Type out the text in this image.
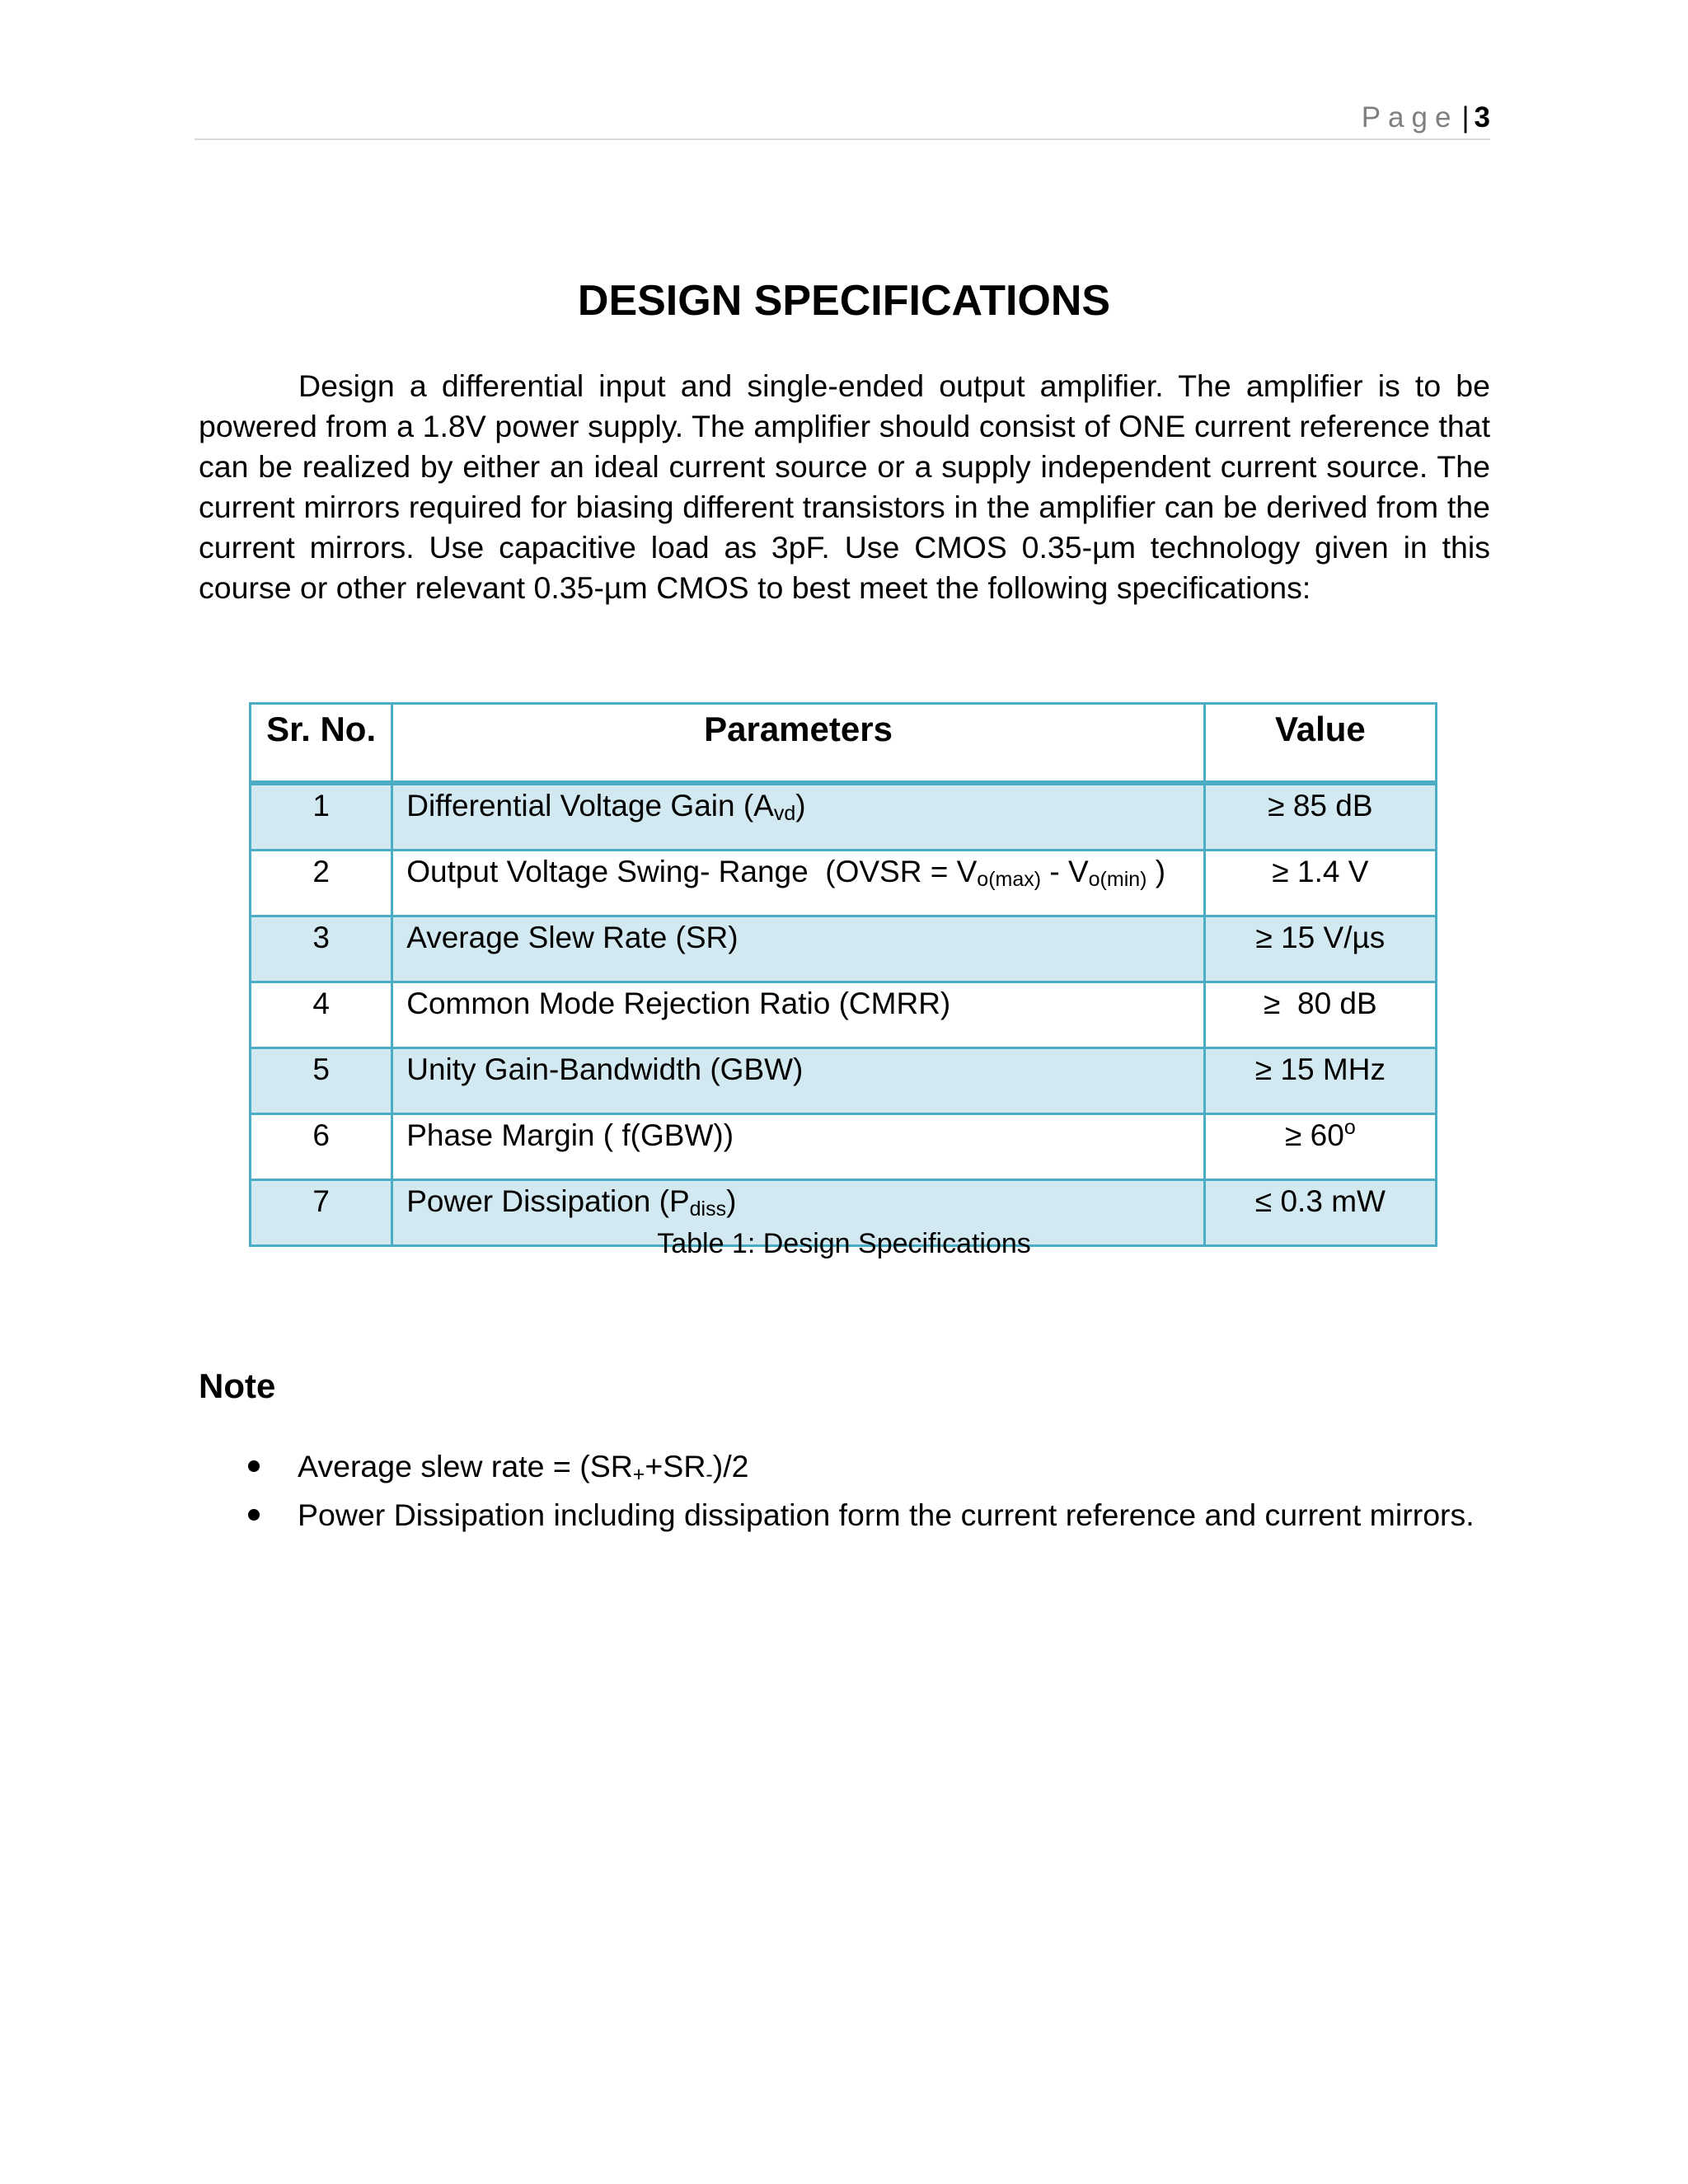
Page | 3
DESIGN SPECIFICATIONS

Design a differential input and single-ended output amplifier. The amplifier is to be powered from a 1.8V power supply. The amplifier should consist of ONE current reference that can be realized by either an ideal current source or a supply independent current source. The current mirrors required for biasing different transistors in the amplifier can be derived from the current mirrors. Use capacitive load as 3pF. Use CMOS 0.35-µm technology given in this course or other relevant 0.35-µm CMOS to best meet the following specifications:

Sr. No.	Parameters	Value
1	Differential Voltage Gain $(A_{vd})$	≥ 85 dB
2	Output Voltage Swing- Range  (OVSR = $V_{o(max)} - V_{o(min)}$ )	≥ 1.4 V
3	Average Slew Rate (SR)	≥ 15 V/µs
4	Common Mode Rejection Ratio (CMRR)	≥  80 dB
5	Unity Gain-Bandwidth (GBW)	≥ 15 MHz
6	Phase Margin ( f(GBW))	≥ $60^o$
7	Power Dissipation $(P_{diss})$	≤ 0.3 mW
Table 1: Design Specifications
Note
Average slew rate = $(SR_++SR_-)/2$
Power Dissipation including dissipation form the current reference and current mirrors.
